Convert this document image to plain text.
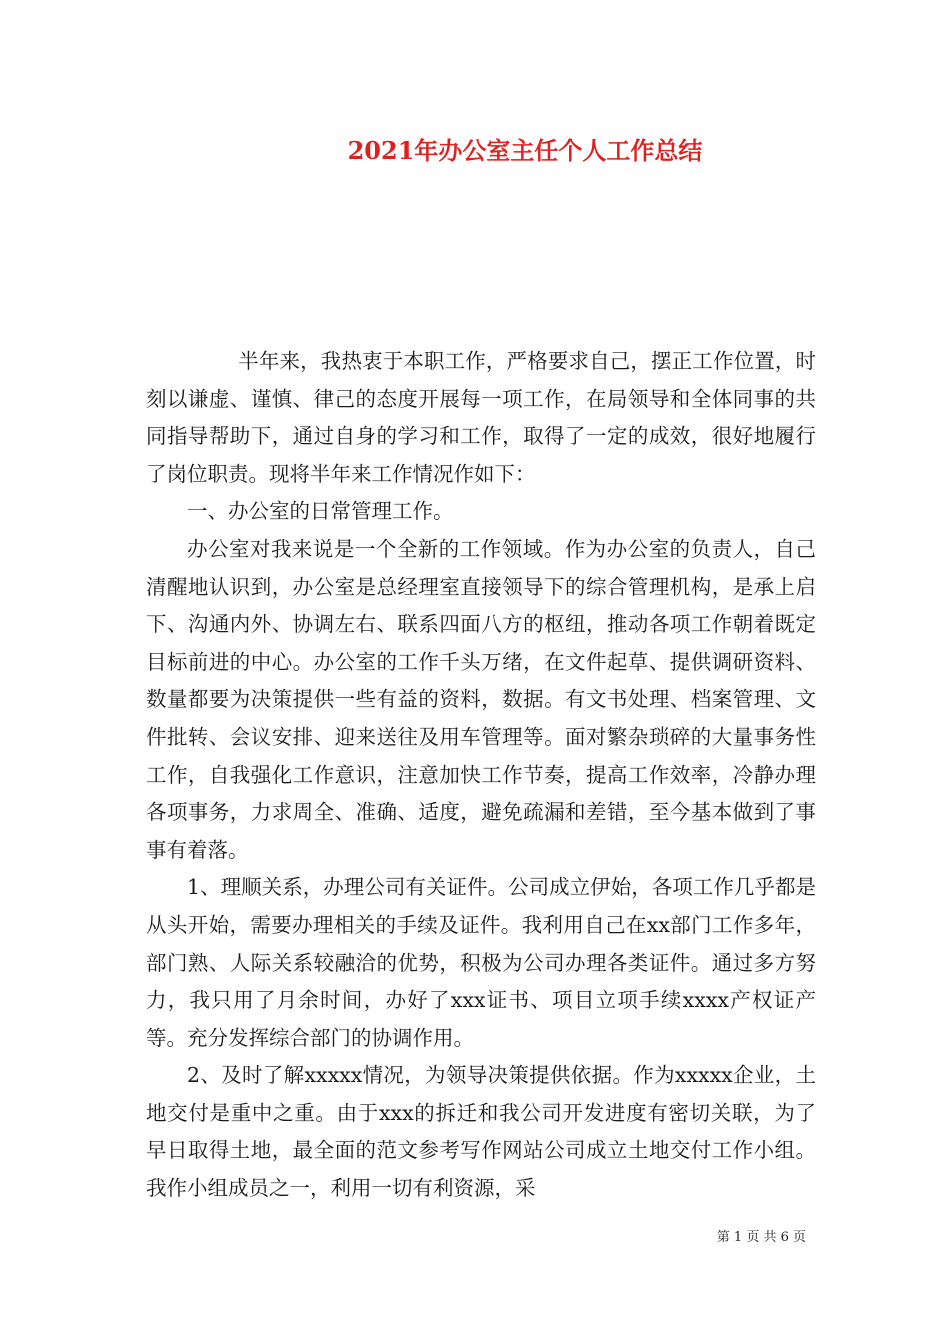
2021年办公室主任个人工作总结

半年来，我热衷于本职工作，严格要求自己，摆正工作位置，时刻以谦虚、谨慎、律己的态度开展每一项工作，在局领导和全体同事的共同指导帮助下，通过自身的学习和工作，取得了一定的成效，很好地履行了岗位职责。现将半年来工作情况作如下：

一、办公室的日常管理工作。

办公室对我来说是一个全新的工作领域。作为办公室的负责人，自己清醒地认识到，办公室是总经理室直接领导下的综合管理机构，是承上启下、沟通内外、协调左右、联系四面八方的枢纽，推动各项工作朝着既定目标前进的中心。办公室的工作千头万绪，在文件起草、提供调研资料、数量都要为决策提供一些有益的资料，数据。有文书处理、档案管理、文件批转、会议安排、迎来送往及用车管理等。面对繁杂琐碎的大量事务性工作，自我强化工作意识，注意加快工作节奏，提高工作效率，冷静办理各项事务，力求周全、准确、适度，避免疏漏和差错，至今基本做到了事事有着落。

1、理顺关系，办理公司有关证件。公司成立伊始，各项工作几乎都是从头开始，需要办理相关的手续及证件。我利用自己在xx部门工作多年，部门熟、人际关系较融洽的优势，积极为公司办理各类证件。通过多方努力，我只用了月余时间，办好了xxx证书、项目立项手续xxxx产权证产等。充分发挥综合部门的协调作用。

2、及时了解xxxxx情况，为领导决策提供依据。作为xxxxx企业，土地交付是重中之重。由于xxx的拆迁和我公司开发进度有密切关联，为了早日取得土地，最全面的范文参考写作网站公司成立土地交付工作小组。我作小组成员之一，利用一切有利资源，采

第 1 页 共 6 页
